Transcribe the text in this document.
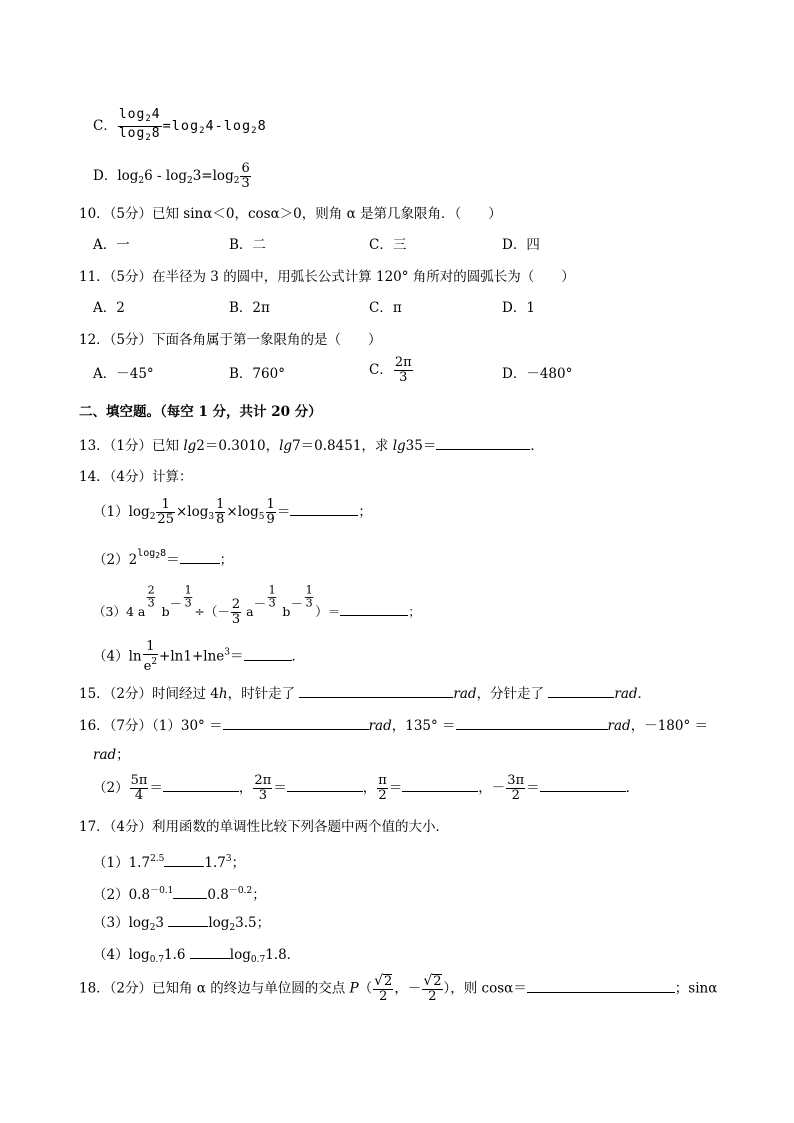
C． $\frac{\log_24}{\log_28} =\log_24-\log_28$
D．$\log_26 - \log_23=\log_2 \frac{6}{3}$
10．（5分）已知 sinα＜0，cosα＞0，则角 α 是第几象限角．（　　）
A．一	B．二	C．三	D．四
11．（5分）在半径为 3 的圆中，用弧长公式计算 120° 角所对的圆弧长为（　　）
A．2	B．2π	C．π	D．1
12．（5分）下面各角属于第一象限角的是（　　）
A．－45°	B．760°	C． $\frac{2\pi}{3}$	D．－480°
二、填空题。（每空 1 分，共计 20 分）
13．（1分）已知 lg2＝0.3010，lg7＝0.8451，求 lg35＝	．
14．（4分）计算：
$(1)\log_2 \frac{1}{25} \times\log_3 \frac{1}{8} \times\log_5 \frac{1}{9}$ ＝	；
$(2)2^{log_28}=$	；
（3）4 a
$\frac{2}{3}$
$b- \frac{1}{3}$
÷（－ $\frac{2}{3} a- \frac{1}{3}$
$b- \frac{1}{3}$
）＝	；
$(4)\ln \frac{1}{e^2} +\ln 1+\ln e^3=$	．
15．（2分）时间经过 4h，时针走了	rad，分针走了	rad．
16．（7分）（1）30° ＝	rad，135° ＝	rad，－180° ＝
rad；
$(2) \frac{5\pi}{4}$ ＝	， $\frac{2\pi}{3}$ ＝	， $\frac{\pi}{2}$ ＝	，－ $\frac{3\pi}{2}$ ＝	．
17．（4分）利用函数的单调性比较下列各题中两个值的大小．
$(1)1.7^{2.5}$	$1.7^3$；
$(2)0.8^{-0.1}$	$0.8^{-0.2}$；
$(3)\log_23$	$\log_23.5$；
$(4)\log_{0.7}1.6$	$\log_{0.7}1.8$．
18．（2分）已知角 α 的终边与单位圆的交点 $P( \frac{√2}{2}$ ，－ $\frac{√2}{2}$ ），则 cosα＝	；sinα
